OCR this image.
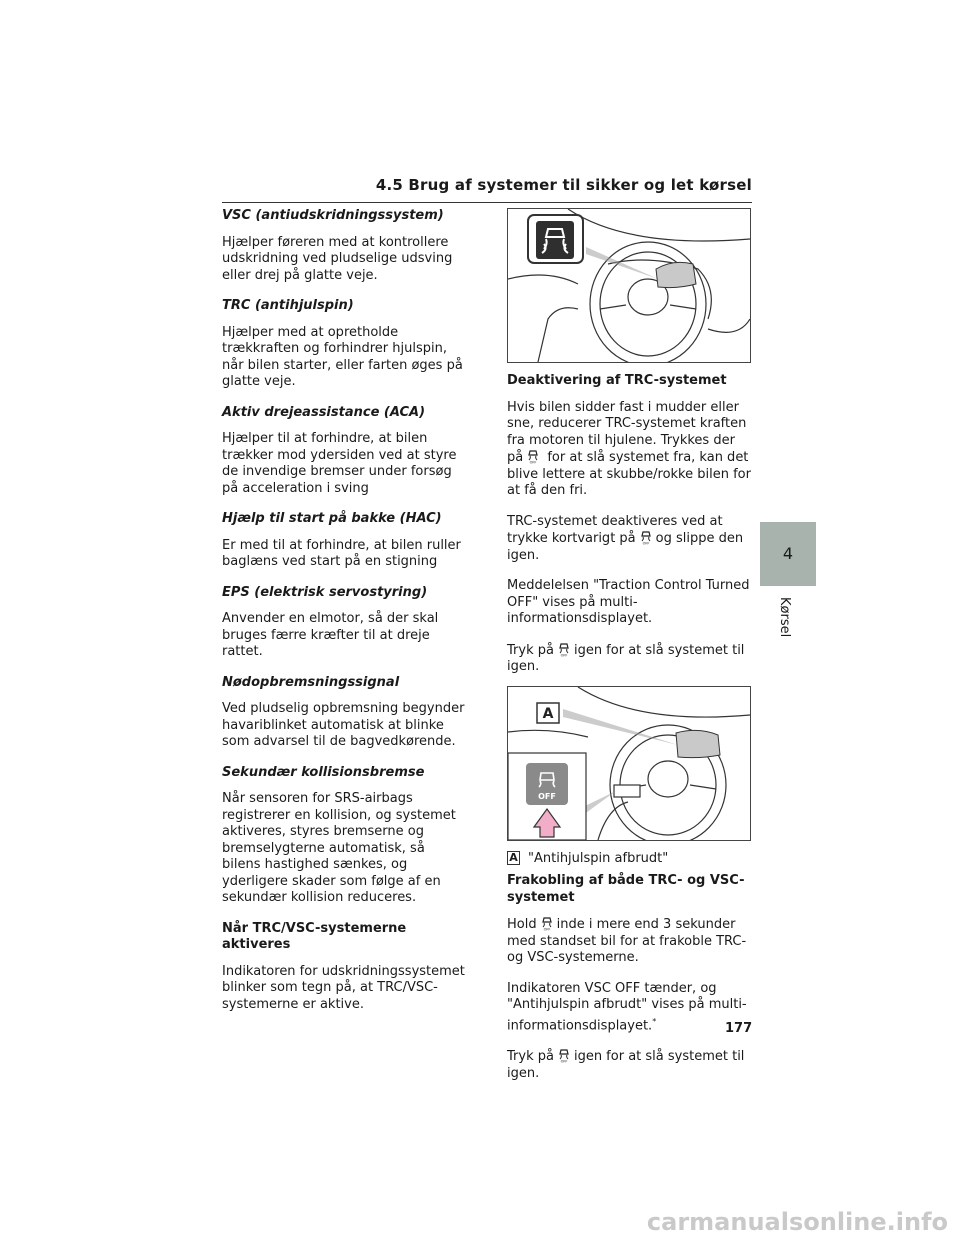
4.5 Brug af systemer til sikker og let kørsel
VSC (antiudskridningssystem)
Hjælper føreren med at kontrollere udskridning ved pludselige udsving eller drej på glatte veje.
TRC (antihjulspin)
Hjælper med at opretholde trækkraften og forhindrer hjulspin, når bilen starter, eller farten øges på glatte veje.
Aktiv drejeassistance (ACA)
Hjælper til at forhindre, at bilen trækker mod ydersiden ved at styre de invendige bremser under forsøg på acceleration i sving
Hjælp til start på bakke (HAC)
Er med til at forhindre, at bilen ruller baglæns ved start på en stigning
EPS (elektrisk servostyring)
Anvender en elmotor, så der skal bruges færre kræfter til at dreje rattet.
Nødopbremsningssignal
Ved pludselig opbremsning begynder havariblinket automatisk at blinke som advarsel til de bagvedkørende.
Sekundær kollisionsbremse
Når sensoren for SRS-airbags registrerer en kollision, og systemet aktiveres, styres bremserne og bremselygterne automatisk, så bilens hastighed sænkes, og yderligere skader som følge af en sekundær kollision reduceres.
Når TRC/VSC-systemerne aktiveres
Indikatoren for udskridningssystemet blinker som tegn på, at TRC/VSC-systemerne er aktive.
Deaktivering af TRC-systemet
Hvis bilen sidder fast i mudder eller sne, reducerer TRC-systemet kraften fra motoren til hjulene. Trykkes der på OFF for at slå systemet fra, kan det blive lettere at skubbe/rokke bilen for at få den fri.
TRC-systemet deaktiveres ved at trykke kortvarigt på OFF og slippe den igen.
Meddelelsen "Traction Control Turned OFF" vises på multi-informationsdisplayet.
Tryk på OFF igen for at slå systemet til igen.
OFF
A
A "Antihjulspin afbrudt"
Frakobling af både TRC- og VSC-systemet
Hold OFF inde i mere end 3 sekunder med standset bil for at frakoble TRC- og VSC-systemerne.
Indikatoren VSC OFF tænder, og "Antihjulspin afbrudt" vises på multi-informationsdisplayet.*
Tryk på OFF igen for at slå systemet til igen.
4
Kørsel
177
carmanualsonline.info
